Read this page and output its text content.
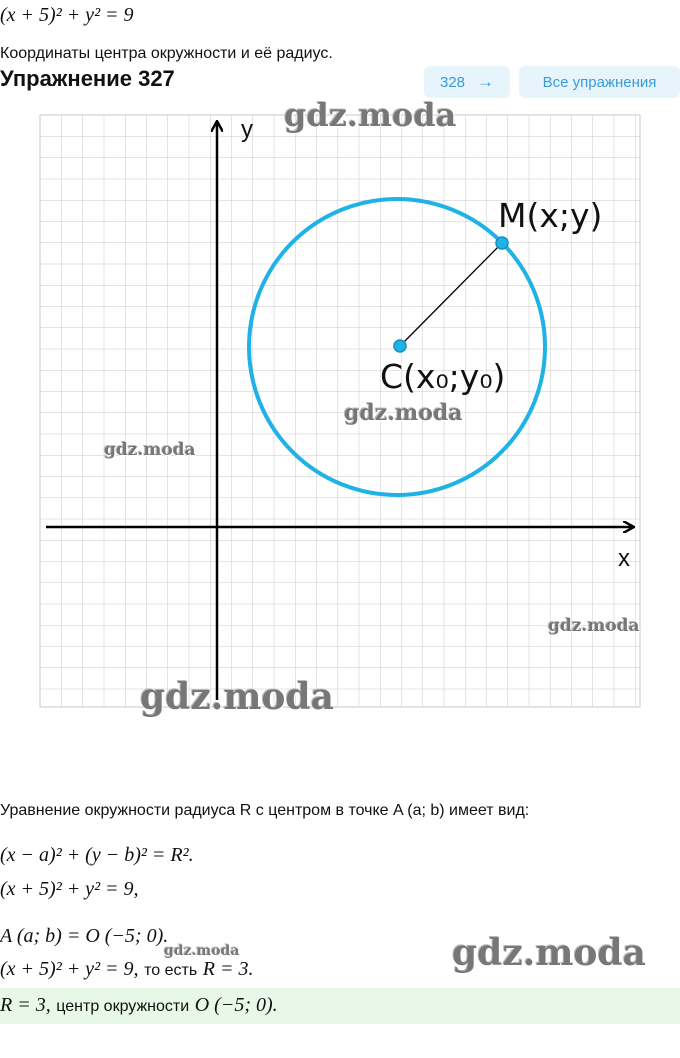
(x + 5)² + y² = 9
Координаты центра окружности и её радиус.
Упражнение 327	328 →	Все упражнения
y
x
M(x;y)
C(x₀;y₀)
gdz.moda
gdz.moda
gdz.moda
gdz.moda
gdz.moda
gdz.moda	gdz.moda
Уравнение окружности радиуса R с центром в точке A (a; b) имеет вид:
(x − a)² + (y − b)² = R².
(x + 5)² + y² = 9,
A (a; b) = O (−5; 0).
(x + 5)² + y² = 9, то есть R = 3.
R = 3, центр окружности O (−5; 0).
